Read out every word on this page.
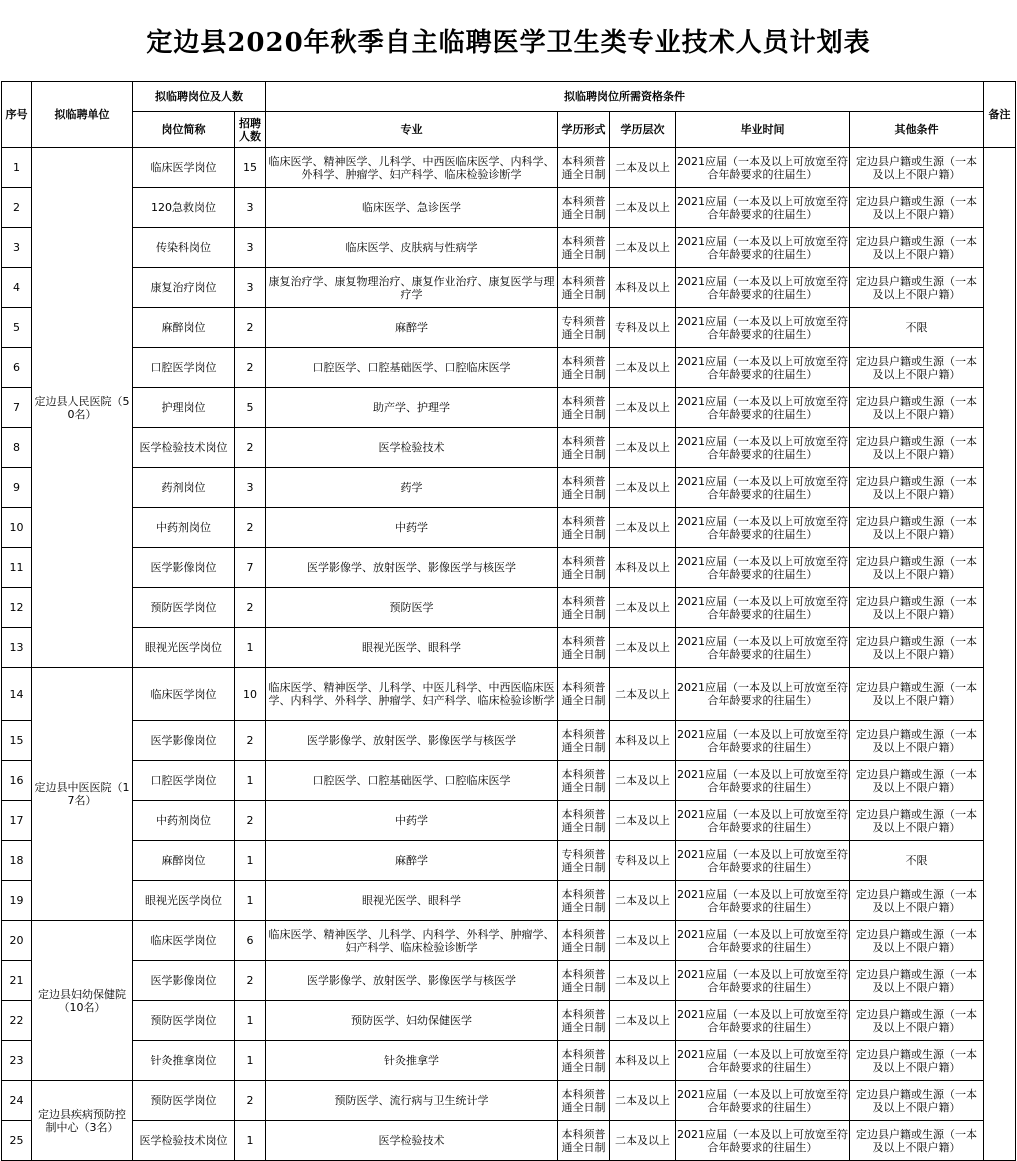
定边县2020年秋季自主临聘医学卫生类专业技术人员计划表
序号	拟临聘单位	拟临聘岗位及人数		拟临聘岗位所需资格条件					备注
		岗位简称	招聘人数	专业	学历形式	学历层次	毕业时间	其他条件	
1	定边县人民医院（50名）	临床医学岗位	15	临床医学、精神医学、儿科学、中西医临床医学、内科学、外科学、肿瘤学、妇产科学、临床检验诊断学	本科须普通全日制	二本及以上	2021应届（一本及以上可放宽至符合年龄要求的往届生）	定边县户籍或生源（一本及以上不限户籍）	
2		120急救岗位	3	临床医学、急诊医学	本科须普通全日制	二本及以上	2021应届（一本及以上可放宽至符合年龄要求的往届生）	定边县户籍或生源（一本及以上不限户籍）	
3		传染科岗位	3	临床医学、皮肤病与性病学	本科须普通全日制	二本及以上	2021应届（一本及以上可放宽至符合年龄要求的往届生）	定边县户籍或生源（一本及以上不限户籍）	
4		康复治疗岗位	3	康复治疗学、康复物理治疗、康复作业治疗、康复医学与理疗学	本科须普通全日制	本科及以上	2021应届（一本及以上可放宽至符合年龄要求的往届生）	定边县户籍或生源（一本及以上不限户籍）	
5		麻醉岗位	2	麻醉学	专科须普通全日制	专科及以上	2021应届（一本及以上可放宽至符合年龄要求的往届生）	不限	
6		口腔医学岗位	2	口腔医学、口腔基础医学、口腔临床医学	本科须普通全日制	二本及以上	2021应届（一本及以上可放宽至符合年龄要求的往届生）	定边县户籍或生源（一本及以上不限户籍）	
7		护理岗位	5	助产学、护理学	本科须普通全日制	二本及以上	2021应届（一本及以上可放宽至符合年龄要求的往届生）	定边县户籍或生源（一本及以上不限户籍）	
8		医学检验技术岗位	2	医学检验技术	本科须普通全日制	二本及以上	2021应届（一本及以上可放宽至符合年龄要求的往届生）	定边县户籍或生源（一本及以上不限户籍）	
9		药剂岗位	3	药学	本科须普通全日制	二本及以上	2021应届（一本及以上可放宽至符合年龄要求的往届生）	定边县户籍或生源（一本及以上不限户籍）	
10		中药剂岗位	2	中药学	本科须普通全日制	二本及以上	2021应届（一本及以上可放宽至符合年龄要求的往届生）	定边县户籍或生源（一本及以上不限户籍）	
11		医学影像岗位	7	医学影像学、放射医学、影像医学与核医学	本科须普通全日制	本科及以上	2021应届（一本及以上可放宽至符合年龄要求的往届生）	定边县户籍或生源（一本及以上不限户籍）	
12		预防医学岗位	2	预防医学	本科须普通全日制	二本及以上	2021应届（一本及以上可放宽至符合年龄要求的往届生）	定边县户籍或生源（一本及以上不限户籍）	
13		眼视光医学岗位	1	眼视光医学、眼科学	本科须普通全日制	二本及以上	2021应届（一本及以上可放宽至符合年龄要求的往届生）	定边县户籍或生源（一本及以上不限户籍）	
14	定边县中医医院（17名）	临床医学岗位	10	临床医学、精神医学、儿科学、中医儿科学、中西医临床医学、内科学、外科学、肿瘤学、妇产科学、临床检验诊断学	本科须普通全日制	二本及以上	2021应届（一本及以上可放宽至符合年龄要求的往届生）	定边县户籍或生源（一本及以上不限户籍）	
15		医学影像岗位	2	医学影像学、放射医学、影像医学与核医学	本科须普通全日制	本科及以上	2021应届（一本及以上可放宽至符合年龄要求的往届生）	定边县户籍或生源（一本及以上不限户籍）	
16		口腔医学岗位	1	口腔医学、口腔基础医学、口腔临床医学	本科须普通全日制	二本及以上	2021应届（一本及以上可放宽至符合年龄要求的往届生）	定边县户籍或生源（一本及以上不限户籍）	
17		中药剂岗位	2	中药学	本科须普通全日制	二本及以上	2021应届（一本及以上可放宽至符合年龄要求的往届生）	定边县户籍或生源（一本及以上不限户籍）	
18		麻醉岗位	1	麻醉学	专科须普通全日制	专科及以上	2021应届（一本及以上可放宽至符合年龄要求的往届生）	不限	
19		眼视光医学岗位	1	眼视光医学、眼科学	本科须普通全日制	二本及以上	2021应届（一本及以上可放宽至符合年龄要求的往届生）	定边县户籍或生源（一本及以上不限户籍）	
20	定边县妇幼保健院（10名）	临床医学岗位	6	临床医学、精神医学、儿科学、内科学、外科学、肿瘤学、妇产科学、临床检验诊断学	本科须普通全日制	二本及以上	2021应届（一本及以上可放宽至符合年龄要求的往届生）	定边县户籍或生源（一本及以上不限户籍）	
21		医学影像岗位	2	医学影像学、放射医学、影像医学与核医学	本科须普通全日制	二本及以上	2021应届（一本及以上可放宽至符合年龄要求的往届生）	定边县户籍或生源（一本及以上不限户籍）	
22		预防医学岗位	1	预防医学、妇幼保健医学	本科须普通全日制	二本及以上	2021应届（一本及以上可放宽至符合年龄要求的往届生）	定边县户籍或生源（一本及以上不限户籍）	
23		针灸推拿岗位	1	针灸推拿学	本科须普通全日制	本科及以上	2021应届（一本及以上可放宽至符合年龄要求的往届生）	定边县户籍或生源（一本及以上不限户籍）	
24	定边县疾病预防控制中心（3名）	预防医学岗位	2	预防医学、流行病与卫生统计学	本科须普通全日制	二本及以上	2021应届（一本及以上可放宽至符合年龄要求的往届生）	定边县户籍或生源（一本及以上不限户籍）	
25		医学检验技术岗位	1	医学检验技术	本科须普通全日制	二本及以上	2021应届（一本及以上可放宽至符合年龄要求的往届生）	定边县户籍或生源（一本及以上不限户籍）	
